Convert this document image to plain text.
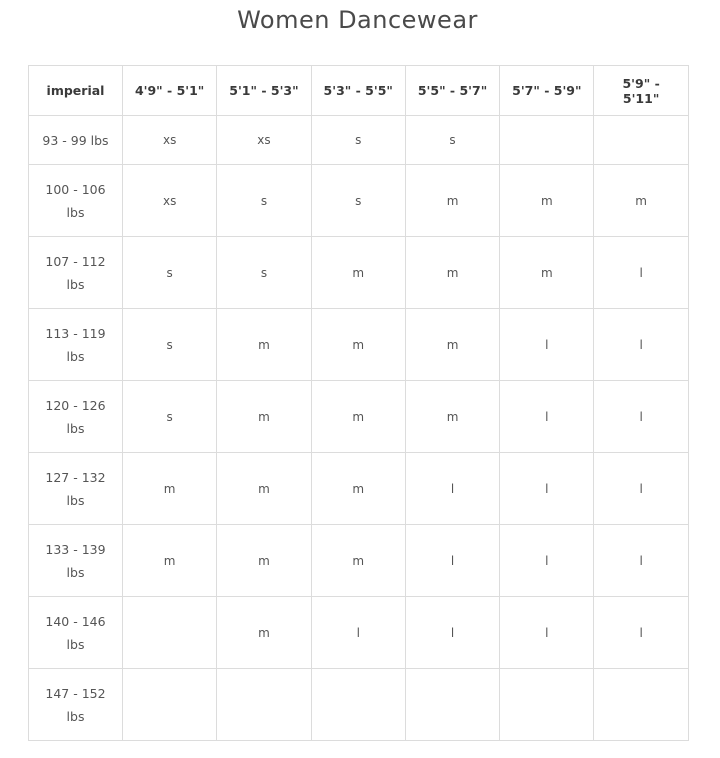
Women Dancewear
imperial	4'9" - 5'1"	5'1" - 5'3"	5'3" - 5'5"	5'5" - 5'7"	5'7" - 5'9"	5'9" - 5'11"
93 - 99 lbs	xs	xs	s	s		
100 - 106 lbs	xs	s	s	m	m	m
107 - 112 lbs	s	s	m	m	m	l
113 - 119 lbs	s	m	m	m	l	l
120 - 126 lbs	s	m	m	m	l	l
127 - 132 lbs	m	m	m	l	l	l
133 - 139 lbs	m	m	m	l	l	l
140 - 146 lbs		m	l	l	l	l
147 - 152 lbs						
